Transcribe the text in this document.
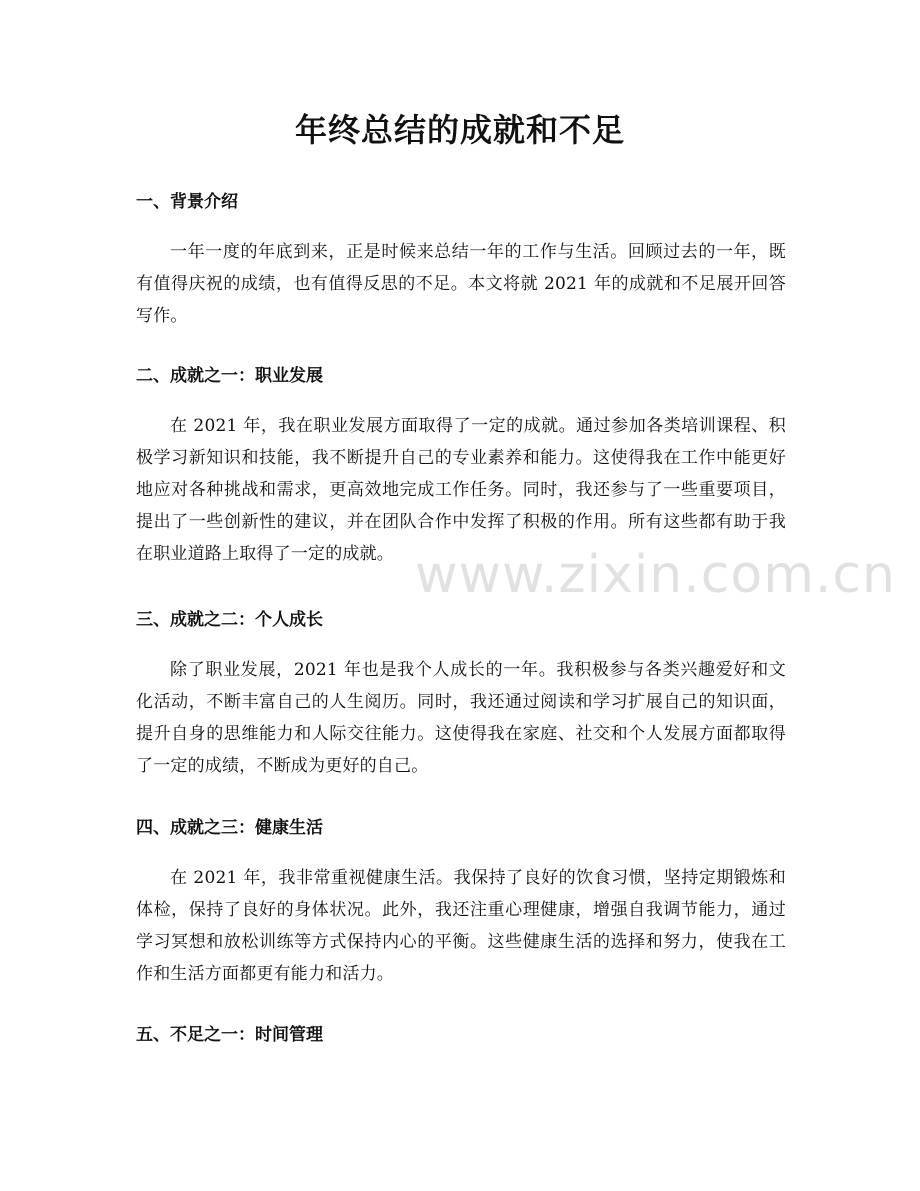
年终总结的成就和不足
一、背景介绍

一年一度的年底到来，正是时候来总结一年的工作与生活。回顾过去的一年，既有值得庆祝的成绩，也有值得反思的不足。本文将就 2021 年的成就和不足展开回答写作。

二、成就之一：职业发展

在 2021 年，我在职业发展方面取得了一定的成就。通过参加各类培训课程、积极学习新知识和技能，我不断提升自己的专业素养和能力。这使得我在工作中能更好地应对各种挑战和需求，更高效地完成工作任务。同时，我还参与了一些重要项目，提出了一些创新性的建议，并在团队合作中发挥了积极的作用。所有这些都有助于我在职业道路上取得了一定的成就。

三、成就之二：个人成长

除了职业发展，2021 年也是我个人成长的一年。我积极参与各类兴趣爱好和文化活动，不断丰富自己的人生阅历。同时，我还通过阅读和学习扩展自己的知识面，提升自身的思维能力和人际交往能力。这使得我在家庭、社交和个人发展方面都取得了一定的成绩，不断成为更好的自己。

四、成就之三：健康生活

在 2021 年，我非常重视健康生活。我保持了良好的饮食习惯，坚持定期锻炼和体检，保持了良好的身体状况。此外，我还注重心理健康，增强自我调节能力，通过学习冥想和放松训练等方式保持内心的平衡。这些健康生活的选择和努力，使我在工作和生活方面都更有能力和活力。

五、不足之一：时间管理
www.zixin.com.cn
